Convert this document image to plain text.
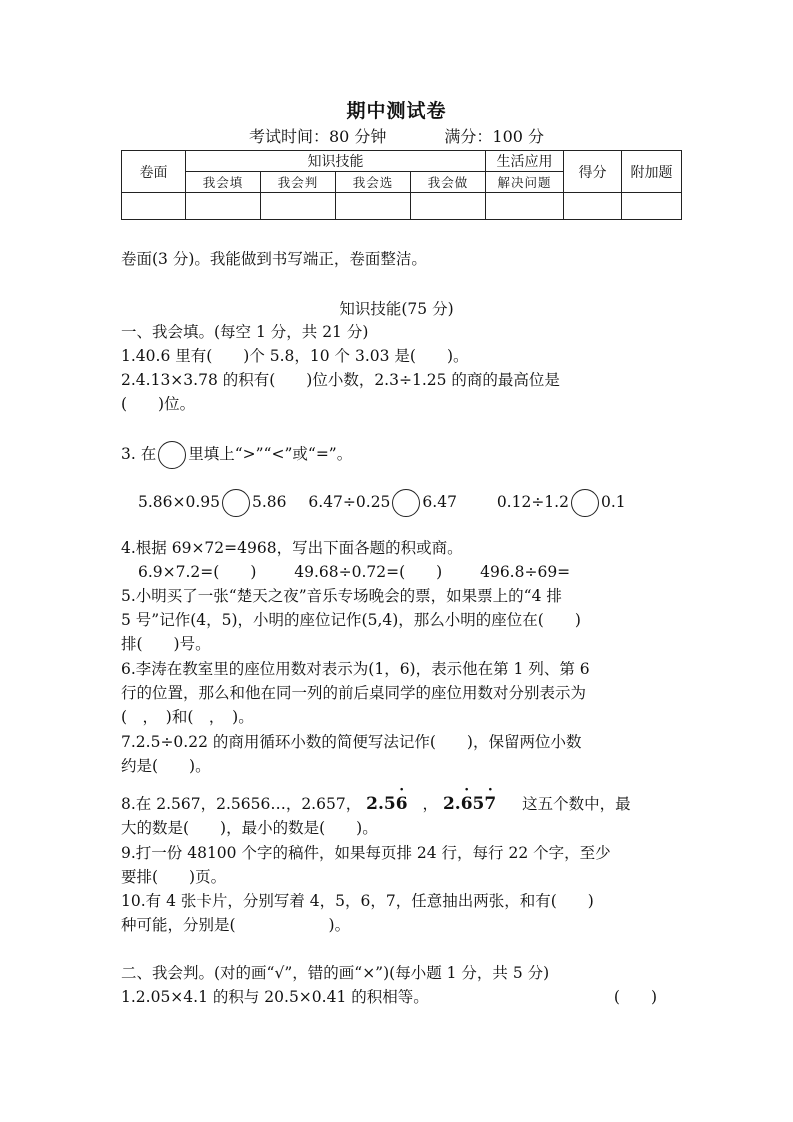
期中测试卷
考试时间：80 分钟	满分：100 分
卷面	知识技能				生活应用	得分	附加题
	我会填	我会判	我会选	我会做	解决问题		

卷面(3 分)。我能做到书写端正，卷面整洁。
知识技能(75 分)
一、我会填。(每空 1 分，共 21 分)
1.40.6 里有(　　)个 5.8，10 个 3.03 是(　　)。
2.4.13×3.78 的积有(　　)位小数，2.3÷1.25 的商的最高位是
(　　)位。
3. 在 里填上“>”“<”或“=”。
5.86×0.95 5.86 6.47÷0.25 6.47	0.12÷1.2 0.1
4.根据 69×72=4968，写出下面各题的积或商。
6.9×7.2=(　　) 49.68÷0.72=(　　) 496.8÷69=
5.小明买了一张“楚天之夜”音乐专场晚会的票，如果票上的“4 排
5 号”记作(4，5)，小明的座位记作(5,4)，那么小明的座位在(　　)
排(　　)号。
6.李涛在教室里的座位用数对表示为(1，6)，表示他在第 1 列、第 6
行的位置，那么和他在同一列的前后桌同学的座位用数对分别表示为
(　，　)和(　，　)。
7.2.5÷0.22 的商用循环小数的简便写法记作(　　)，保留两位小数
约是(　　)。
8.在 2.567，2.5656…，2.657， 2.5· 6 ， 2.· 65· 7 这五个数中，最
大的数是(　　)，最小的数是(　　)。
9.打一份 48100 个字的稿件，如果每页排 24 行，每行 22 个字，至少
要排(　　)页。
10.有 4 张卡片，分别写着 4，5，6，7，任意抽出两张，和有(　　)
种可能，分别是(　　　　　　)。
二、我会判。(对的画“√”，错的画“×”)(每小题 1 分，共 5 分)
1.2.05×4.1 的积与 20.5×0.41 的积相等。	(　　)
